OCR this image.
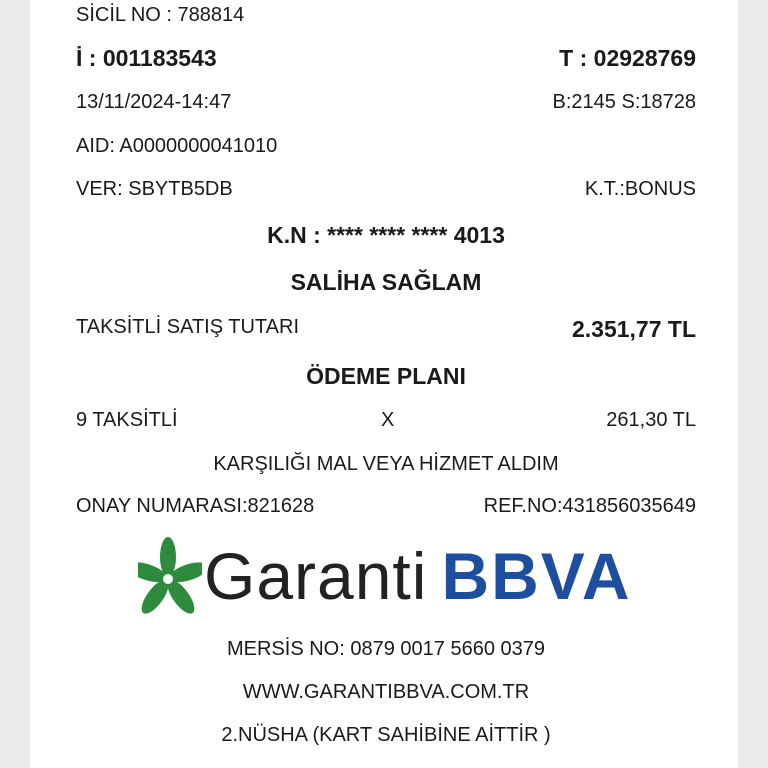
SİCİL NO : 788814
İ : 001183543	T : 02928769
13/11/2024-14:47	B:2145 S:18728
AID: A0000000041010
VER: SBYTB5DB	K.T.:BONUS
K.N : **** **** **** 4013
SALİHA SAĞLAM
TAKSİTLİ SATIŞ TUTARI	2.351,77 TL
ÖDEME PLANI
9 TAKSİTLİ	X	261,30 TL
KARŞILIĞI MAL VEYA HİZMET ALDIM
ONAY NUMARASI:821628	REF.NO:431856035649
Garanti BBVA
MERSİS NO: 0879 0017 5660 0379
WWW.GARANTIBBVA.COM.TR
2.NÜSHA (KART SAHİBİNE AİTTİR )
